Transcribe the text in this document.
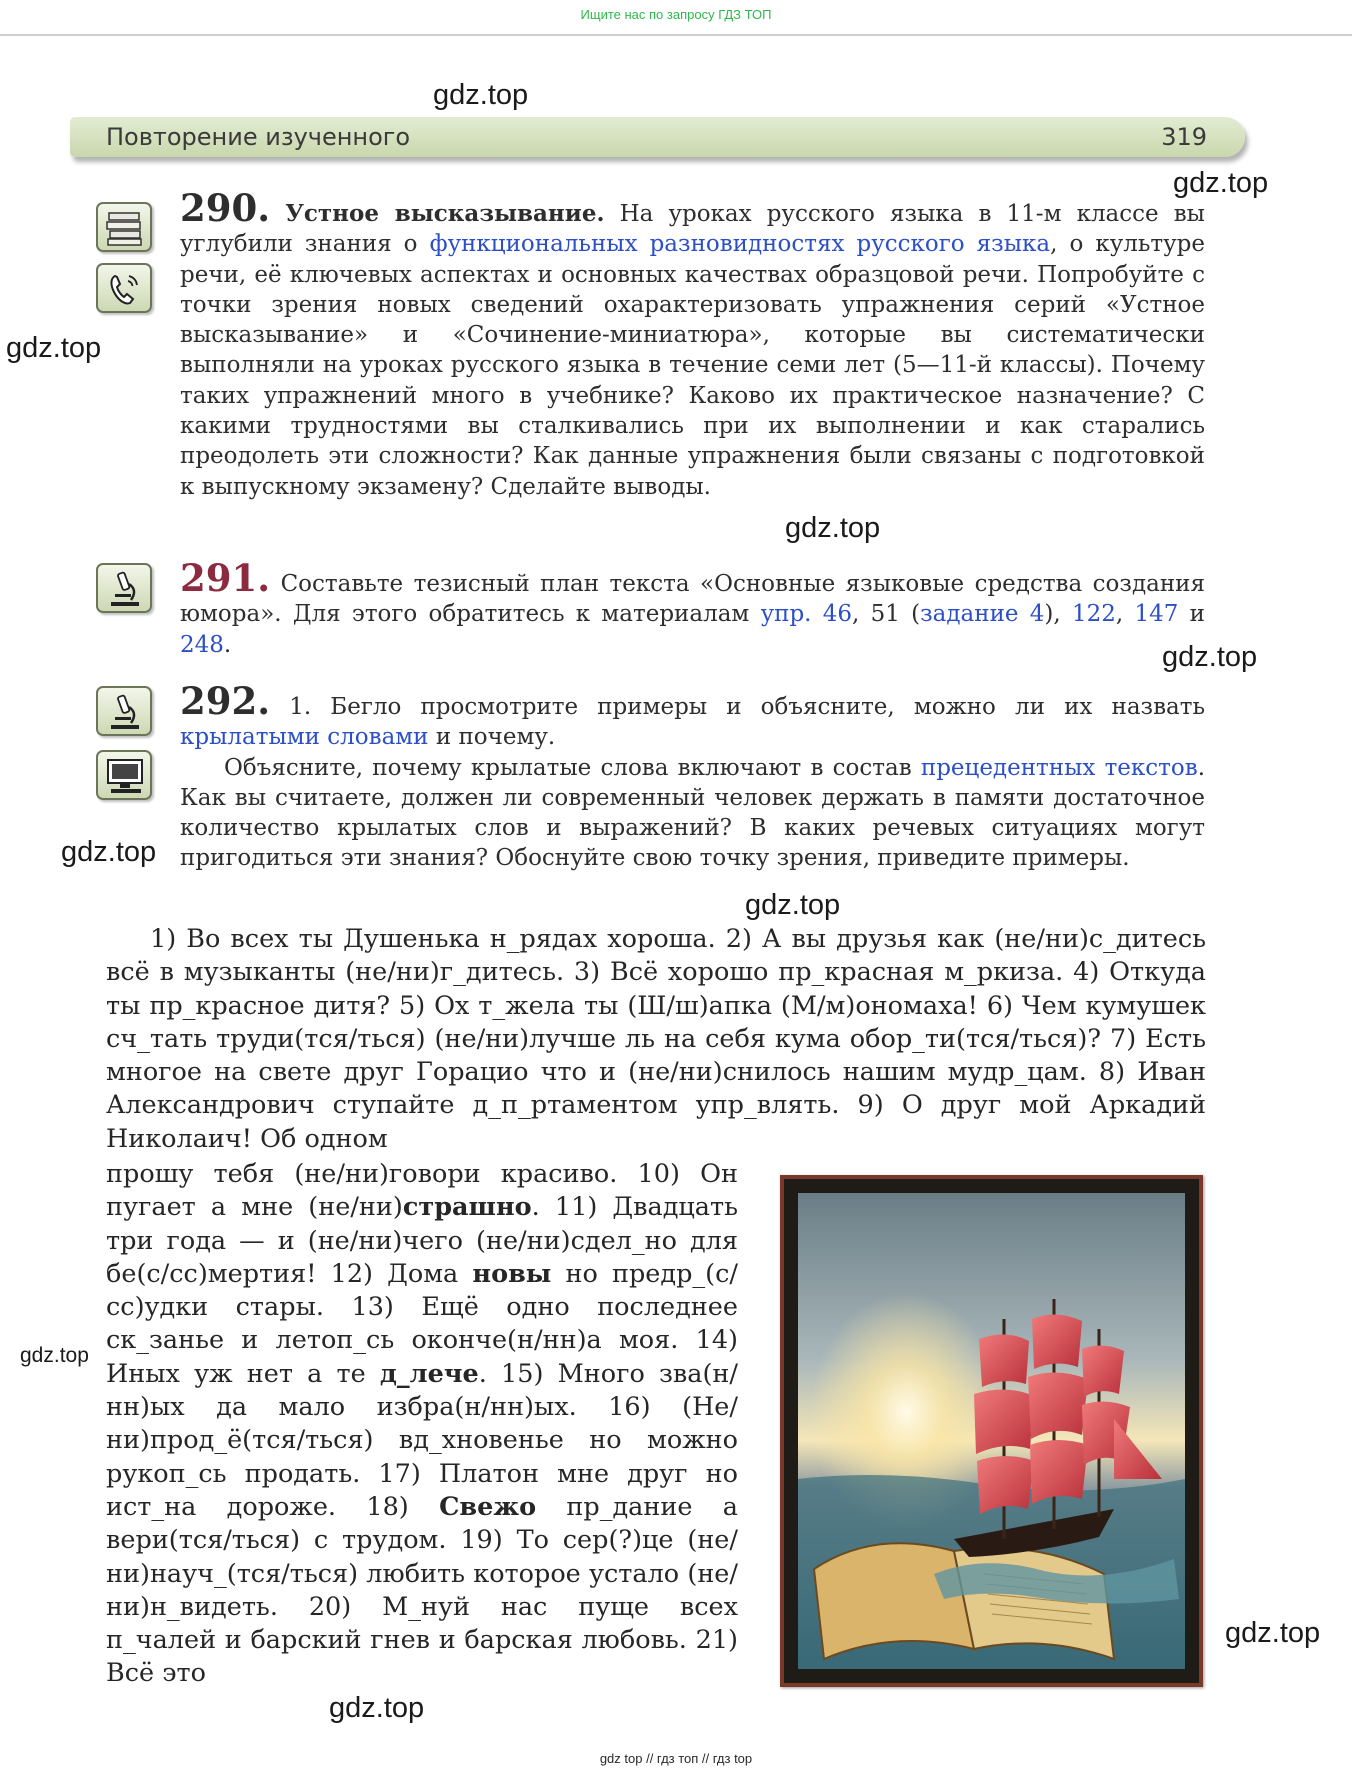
Ищите нас по запросу ГДЗ ТОП
gdz.top
gdz.top
gdz.top
gdz.top
gdz.top
gdz.top
gdz.top
gdz.top
gdz.top
gdz.top
Повторение изученного	319
290. Устное высказывание. На уроках русского языка в 11-м классе вы углубили знания о функциональных разновидностях русского языка, о культуре речи, её ключевых аспектах и основных качествах образцовой речи. Попробуйте с точки зрения новых сведений охарактеризовать упражнения серий «Устное высказывание» и «Сочинение-миниатюра», которые вы систематически выполняли на уроках русского языка в течение семи лет (5—11-й классы). Почему таких упражнений много в учебнике? Каково их практическое назначение? С какими трудностями вы сталкивались при их выполнении и как старались преодолеть эти сложности? Как данные упражнения были связаны с подготовкой к выпускному экзамену? Сделайте выводы.
291. Составьте тезисный план текста «Основные языковые средства создания юмора». Для этого обратитесь к материалам упр. 46, 51 (задание 4), 122, 147 и 248.
292. 1. Бегло просмотрите примеры и объясните, можно ли их назвать крылатыми словами и почему.
Объясните, почему крылатые слова включают в состав прецедентных текстов. Как вы считаете, должен ли современный человек держать в памяти достаточное количество крылатых слов и выражений? В каких речевых ситуациях могут пригодиться эти знания? Обоснуйте свою точку зрения, приведите примеры.
1) Во всех ты Душенька н_рядах хороша. 2) А вы друзья как (не/ни)с_дитесь всё в музыканты (не/ни)г_дитесь. 3) Всё хорошо пр_красная м_ркиза. 4) Откуда ты пр_красное дитя? 5) Ох т_жела ты (Ш/ш)апка (М/м)ономаха! 6) Чем кумушек сч_тать труди(тся/ться) (не/ни)лучше ль на себя кума обор_ти(тся/ться)? 7) Есть многое на свете друг Горацио что и (не/ни)снилось нашим мудр_цам. 8) Иван Александрович ступайте д_п_ртаментом упр_влять. 9) О друг мой Аркадий Николаич! Об одном
прошу тебя (не/ни)говори красиво. 10) Он пугает а мне (не/ни)страшно. 11) Двадцать три года — и (не/ни)чего (не/ни)сдел_но для бе(с/сс)мертия! 12) Дома новы но предр_(с/сс)удки стары. 13) Ещё одно последнее ск_занье и летоп_сь оконче(н/нн)а моя. 14) Иных уж нет а те д_лече. 15) Много зва(н/нн)ых да мало избра(н/нн)ых. 16) (Не/ни)прод_ё(тся/ться) вд_хновенье но можно рукоп_сь продать. 17) Платон мне друг но ист_на дороже. 18) Свежо пр_дание а вери(тся/ться) с трудом. 19) То сер(?)це (не/ни)науч_(тся/ться) любить которое устало (не/ни)н_видеть. 20) М_нуй нас пуще всех п_чалей и барский гнев и барская любовь. 21) Всё это
gdz top // гдз топ // гдз top
